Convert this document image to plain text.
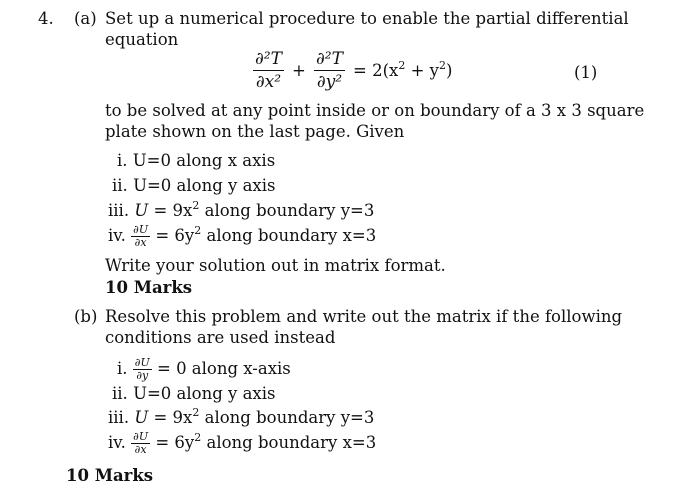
4. (a) Set up a numerical procedure to enable the partial differential
equation
$\frac{\text{∂²T}}{\text{∂x²}} + \frac{\text{∂²T}}{\text{∂y²}} = 2(x^2 + y^2)$	(1)
to be solved at any point inside or on boundary of a 3 x 3 square
plate shown on the last page. Given
i. U=0 along x axis
ii. U=0 along y axis
iii. $U = 9x^2$ along boundary y=3
iv. $\frac{\partial U}{\partial x} = 6y^2$ along boundary x=3
Write your solution out in matrix format.
10 Marks
(b) Resolve this problem and write out the matrix if the following
conditions are used instead
i. $\frac{\partial U}{\partial y} = 0$ along x-axis
ii. U=0 along y axis
iii. $U = 9x^2$ along boundary y=3
iv. $\frac{\partial U}{\partial x} = 6y^2$ along boundary x=3
10 Marks
